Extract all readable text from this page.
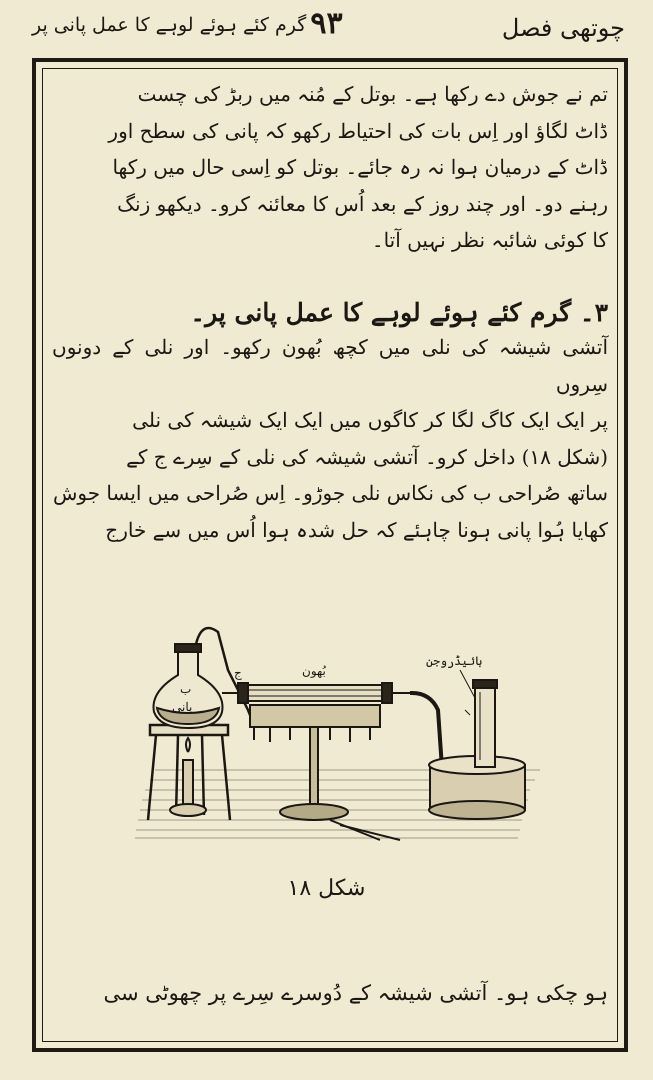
گرم کئے ہوئے لوہے کا عمل پانی پر ۹۳	چوتھی فصل
تم نے جوش دے رکھا ہے۔ بوتل کے مُنہ میں ربڑ کی چست
ڈاٹ لگاؤ اور اِس بات کی احتیاط رکھو کہ پانی کی سطح اور
ڈاٹ کے درمیان ہوا نہ رہ جائے۔ بوتل کو اِسی حال میں رکھا
رہنے دو۔ اور چند روز کے بعد اُس کا معائنہ کرو۔ دیکھو زنگ
کا کوئی شائبہ نظر نہیں آتا۔
۳۔ گرم کئے ہوئے لوہے کا عمل پانی پر۔
آتشی شیشہ کی نلی میں کچھ بُھون رکھو۔ اور نلی کے دونوں سِروں
پر ایک ایک کاگ لگا کر کاگوں میں ایک ایک شیشہ کی نلی
(شکل ۱۸) داخل کرو۔ آتشی شیشہ کی نلی کے سِرے ج کے
ساتھ صُراحی ب کی نکاس نلی جوڑو۔ اِس صُراحی میں ایسا جوش
کھایا ہُوا پانی ہونا چاہئے کہ حل شدہ ہوا اُس میں سے خارج
پانی
ب
ج	بُھون
ہائیڈروجن
شکل ۱۸
ہو چکی ہو۔ آتشی شیشہ کے دُوسرے سِرے پر چھوٹی سی
